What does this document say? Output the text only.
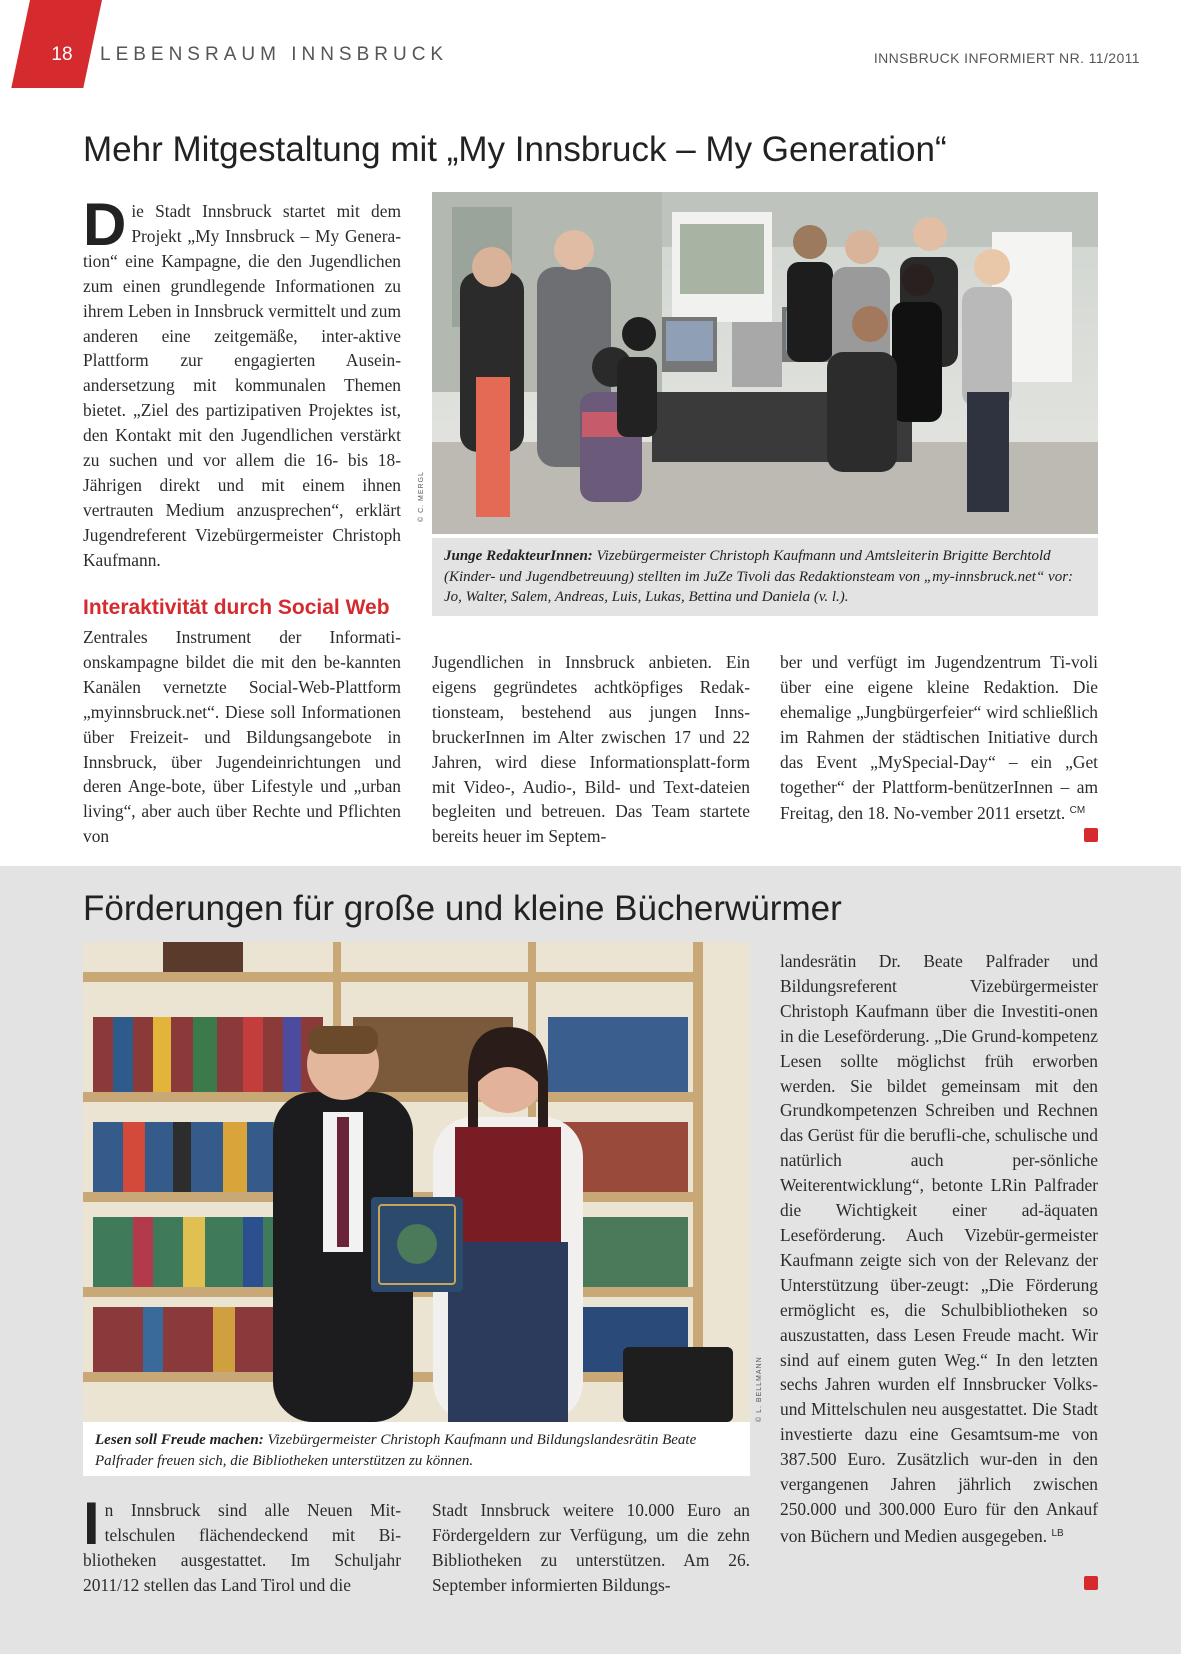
18	LEBENSRAUM INNSBRUCK	INNSBRUCK INFORMIERT NR. 11/2011
Mehr Mitgestaltung mit „My Innsbruck – My Generation“
Die Stadt Innsbruck startet mit dem Projekt „My Innsbruck – My Genera-tion“ eine Kampagne, die den Jugendlichen zum einen grundlegende Informationen zu ihrem Leben in Innsbruck vermittelt und zum anderen eine zeitgemäße, inter-aktive Plattform zur engagierten Ausein-andersetzung mit kommunalen Themen bietet. „Ziel des partizipativen Projektes ist, den Kontakt mit den Jugendlichen verstärkt zu suchen und vor allem die 16- bis 18-Jährigen direkt und mit einem ihnen vertrauten Medium anzusprechen“, erklärt Jugendreferent Vizebürgermeister Christoph Kaufmann.
Interaktivität durch Social Web
Zentrales Instrument der Informati-onskampagne bildet die mit den be-kannten Kanälen vernetzte Social-Web-Plattform „myinnsbruck.net“. Diese soll Informationen über Freizeit- und Bildungsangebote in Innsbruck, über Jugendeinrichtungen und deren Ange-bote, über Lifestyle und „urban living“, aber auch über Rechte und Pflichten von
© C. MERGL
Junge RedakteurInnen: Vizebürgermeister Christoph Kaufmann und Amtsleiterin Brigitte Berchtold (Kinder- und Jugendbetreuung) stellten im JuZe Tivoli das Redaktionsteam von „my-innsbruck.net“ vor: Jo, Walter, Salem, Andreas, Luis, Lukas, Bettina und Daniela (v. l.).
Jugendlichen in Innsbruck anbieten. Ein eigens gegründetes achtköpfiges Redak-tionsteam, bestehend aus jungen Inns-bruckerInnen im Alter zwischen 17 und 22 Jahren, wird diese Informationsplatt-form mit Video-, Audio-, Bild- und Text-dateien begleiten und betreuen. Das Team startete bereits heuer im Septem-
ber und verfügt im Jugendzentrum Ti-voli über eine eigene kleine Redaktion. Die ehemalige „Jungbürgerfeier“ wird schließlich im Rahmen der städtischen Initiative durch das Event „MySpecial-Day“ – ein „Get together“ der Plattform-benützerInnen – am Freitag, den 18. No-vember 2011 ersetzt. $^{CM}$
Förderungen für große und kleine Bücherwürmer
© L. BELLMANN
Lesen soll Freude machen: Vizebürgermeister Christoph Kaufmann und Bildungslandesrätin Beate Palfrader freuen sich, die Bibliotheken unterstützen zu können.
landesrätin Dr. Beate Palfrader und Bildungsreferent Vizebürgermeister Christoph Kaufmann über die Investiti-onen in die Leseförderung. „Die Grund-kompetenz Lesen sollte möglichst früh erworben werden. Sie bildet gemeinsam mit den Grundkompetenzen Schreiben und Rechnen das Gerüst für die berufli-che, schulische und natürlich auch per-sönliche Weiterentwicklung“, betonte LRin Palfrader die Wichtigkeit einer ad-äquaten Leseförderung. Auch Vizebür-germeister Kaufmann zeigte sich von der Relevanz der Unterstützung über-zeugt: „Die Förderung ermöglicht es, die Schulbibliotheken so auszustatten, dass Lesen Freude macht. Wir sind auf einem guten Weg.“ In den letzten sechs Jahren wurden elf Innsbrucker Volks- und Mittelschulen neu ausgestattet. Die Stadt investierte dazu eine Gesamtsum-me von 387.500 Euro. Zusätzlich wur-den in den vergangenen Jahren jährlich zwischen 250.000 und 300.000 Euro für den Ankauf von Büchern und Medien ausgegeben. $^{LB}$
In Innsbruck sind alle Neuen Mit-telschulen flächendeckend mit Bi-bliotheken ausgestattet. Im Schuljahr 2011/12 stellen das Land Tirol und die
Stadt Innsbruck weitere 10.000 Euro an Fördergeldern zur Verfügung, um die zehn Bibliotheken zu unterstützen. Am 26. September informierten Bildungs-
